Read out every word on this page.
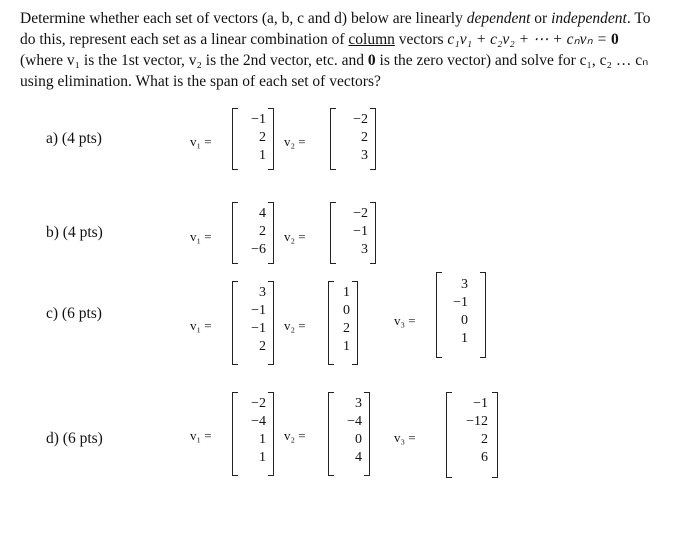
Determine whether each set of vectors (a, b, c and d) below are linearly dependent or independent. To do this, represent each set as a linear combination of column vectors c₁v₁ + c₂v₂ + ⋯ + cₙvₙ = 0 (where v₁ is the 1st vector, v₂ is the 2nd vector, etc. and 0 is the zero vector) and solve for c₁, c₂ … cₙ using elimination. What is the span of each set of vectors?
a) (4 pts)	v₁ =
−1
2
1
v₂ =
−2
2
3
b) (4 pts)	v₁ =
4
2
−6
v₂ =
−2
−1
3
c) (6 pts)
v₁ =
3
−1
−1
2
v₂ =
1
0
2
1
v₃ =
3
−1
0
1
d) (6 pts)	v₁ =
−2
−4
1
1
v₂ =
3
−4
0
4
v₃ =
−1
−12
2
6
